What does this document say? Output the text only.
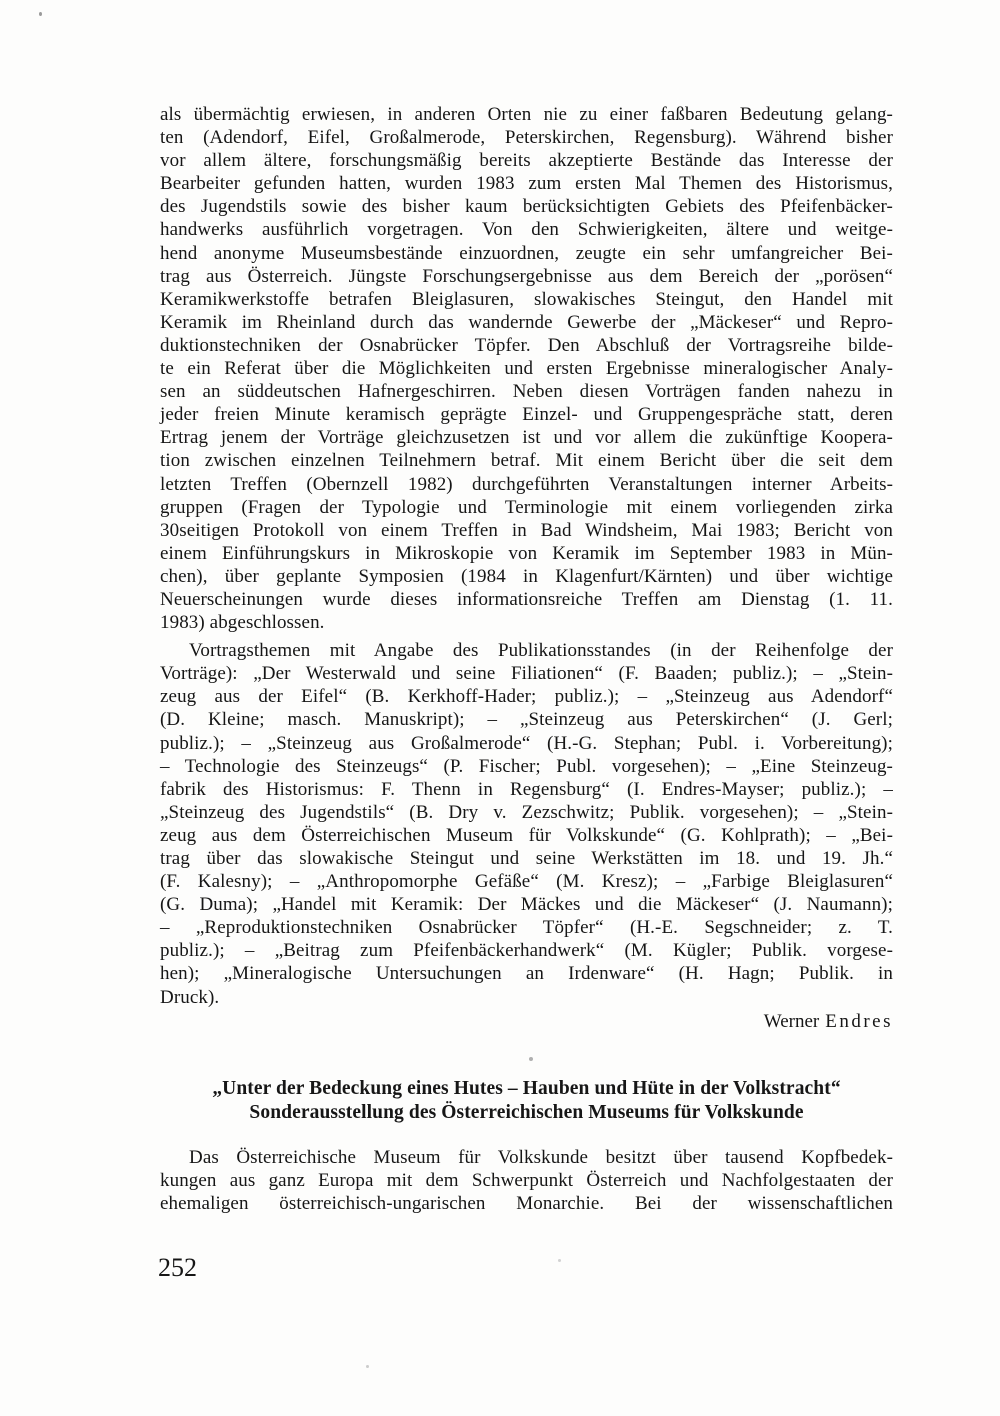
als übermächtig erwiesen, in anderen Orten nie zu einer faßbaren Bedeutung gelang-
ten (Adendorf, Eifel, Großalmerode, Peterskirchen, Regensburg). Während bisher
vor allem ältere, forschungsmäßig bereits akzeptierte Bestände das Interesse der
Bearbeiter gefunden hatten, wurden 1983 zum ersten Mal Themen des Historismus,
des Jugendstils sowie des bisher kaum berücksichtigten Gebiets des Pfeifenbäcker-
handwerks ausführlich vorgetragen. Von den Schwierigkeiten, ältere und weitge-
hend anonyme Museumsbestände einzuordnen, zeugte ein sehr umfangreicher Bei-
trag aus Österreich. Jüngste Forschungsergebnisse aus dem Bereich der „porösen“
Keramikwerkstoffe betrafen Bleiglasuren, slowakisches Steingut, den Handel mit
Keramik im Rheinland durch das wandernde Gewerbe der „Mäckeser“ und Repro-
duktionstechniken der Osnabrücker Töpfer. Den Abschluß der Vortragsreihe bilde-
te ein Referat über die Möglichkeiten und ersten Ergebnisse mineralogischer Analy-
sen an süddeutschen Hafnergeschirren. Neben diesen Vorträgen fanden nahezu in
jeder freien Minute keramisch geprägte Einzel- und Gruppengespräche statt, deren
Ertrag jenem der Vorträge gleichzusetzen ist und vor allem die zukünftige Koopera-
tion zwischen einzelnen Teilnehmern betraf. Mit einem Bericht über die seit dem
letzten Treffen (Obernzell 1982) durchgeführten Veranstaltungen interner Arbeits-
gruppen (Fragen der Typologie und Terminologie mit einem vorliegenden zirka
30seitigen Protokoll von einem Treffen in Bad Windsheim, Mai 1983; Bericht von
einem Einführungskurs in Mikroskopie von Keramik im September 1983 in Mün-
chen), über geplante Symposien (1984 in Klagenfurt/Kärnten) und über wichtige
Neuerscheinungen wurde dieses informationsreiche Treffen am Dienstag (1. 11.
1983) abgeschlossen.

Vortragsthemen mit Angabe des Publikationsstandes (in der Reihenfolge der
Vorträge): „Der Westerwald und seine Filiationen“ (F. Baaden; publiz.); – „Stein-
zeug aus der Eifel“ (B. Kerkhoff-Hader; publiz.); – „Steinzeug aus Adendorf“
(D. Kleine; masch. Manuskript); – „Steinzeug aus Peterskirchen“ (J. Gerl;
publiz.); – „Steinzeug aus Großalmerode“ (H.-G. Stephan; Publ. i. Vorbereitung);
– Technologie des Steinzeugs“ (P. Fischer; Publ. vorgesehen); – „Eine Steinzeug-
fabrik des Historismus: F. Thenn in Regensburg“ (I. Endres-Mayser; publiz.); –
„Steinzeug des Jugendstils“ (B. Dry v. Zezschwitz; Publik. vorgesehen); – „Stein-
zeug aus dem Österreichischen Museum für Volkskunde“ (G. Kohlprath); – „Bei-
trag über das slowakische Steingut und seine Werkstätten im 18. und 19. Jh.“
(F. Kalesny); – „Anthropomorphe Gefäße“ (M. Kresz); – „Farbige Bleiglasuren“
(G. Duma); „Handel mit Keramik: Der Mäckes und die Mäckeser“ (J. Naumann);
– „Reproduktionstechniken Osnabrücker Töpfer“ (H.-E. Segschneider; z. T.
publiz.); – „Beitrag zum Pfeifenbäckerhandwerk“ (M. Kügler; Publik. vorgese-
hen); „Mineralogische Untersuchungen an Irdenware“ (H. Hagn; Publik. in
Druck).

Werner Endres
„Unter der Bedeckung eines Hutes – Hauben und Hüte in der Volkstracht“
Sonderausstellung des Österreichischen Museums für Volkskunde

Das Österreichische Museum für Volkskunde besitzt über tausend Kopfbedek-
kungen aus ganz Europa mit dem Schwerpunkt Österreich und Nachfolgestaaten der
ehemaligen österreichisch-ungarischen Monarchie. Bei der wissenschaftlichen

252
